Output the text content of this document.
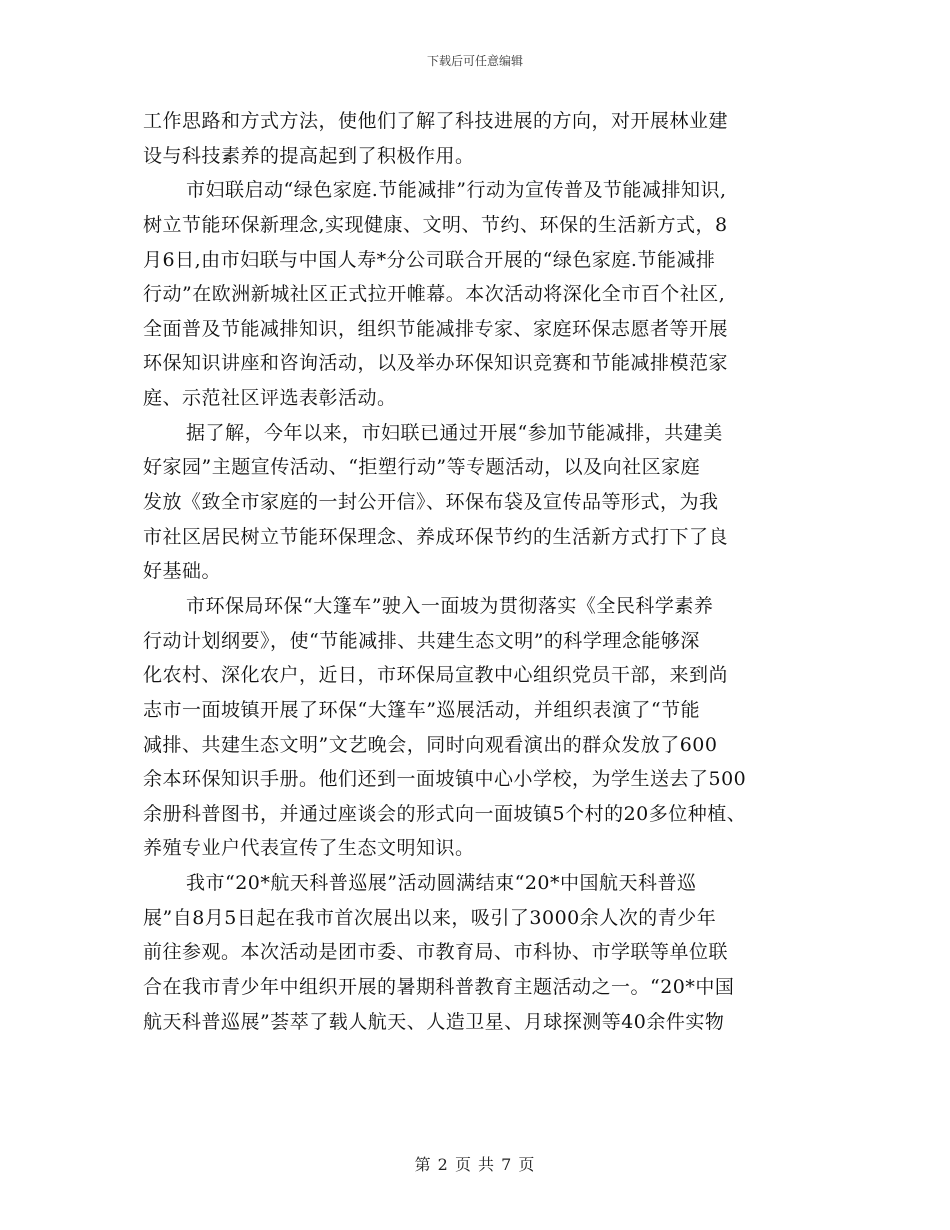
下载后可任意编辑
工作思路和方式方法，使他们了解了科技进展的方向，对开展林业建
设与科技素养的提高起到了积极作用。
市妇联启动“绿色家庭.节能减排”行动为宣传普及节能减排知识,
树立节能环保新理念,实现健康、文明、节约、环保的生活新方式，8
月6日,由市妇联与中国人寿*分公司联合开展的“绿色家庭.节能减排
行动”在欧洲新城社区正式拉开帷幕。本次活动将深化全市百个社区,
全面普及节能减排知识，组织节能减排专家、家庭环保志愿者等开展
环保知识讲座和咨询活动，以及举办环保知识竞赛和节能减排模范家
庭、示范社区评选表彰活动。
据了解，今年以来，市妇联已通过开展“参加节能减排，共建美
好家园”主题宣传活动、“拒塑行动”等专题活动，以及向社区家庭
发放《致全市家庭的一封公开信》、环保布袋及宣传品等形式，为我
市社区居民树立节能环保理念、养成环保节约的生活新方式打下了良
好基础。
市环保局环保“大篷车”驶入一面坡为贯彻落实《全民科学素养
行动计划纲要》，使“节能减排、共建生态文明”的科学理念能够深
化农村、深化农户，近日，市环保局宣教中心组织党员干部，来到尚
志市一面坡镇开展了环保“大篷车”巡展活动，并组织表演了“节能
减排、共建生态文明”文艺晚会，同时向观看演出的群众发放了600
余本环保知识手册。他们还到一面坡镇中心小学校，为学生送去了500
余册科普图书，并通过座谈会的形式向一面坡镇5个村的20多位种植、
养殖专业户代表宣传了生态文明知识。
我市“20*航天科普巡展”活动圆满结束“20*中国航天科普巡
展”自8月5日起在我市首次展出以来，吸引了3000余人次的青少年
前往参观。本次活动是团市委、市教育局、市科协、市学联等单位联
合在我市青少年中组织开展的暑期科普教育主题活动之一。“20*中国
航天科普巡展”荟萃了载人航天、人造卫星、月球探测等40余件实物
第 2 页 共 7 页
